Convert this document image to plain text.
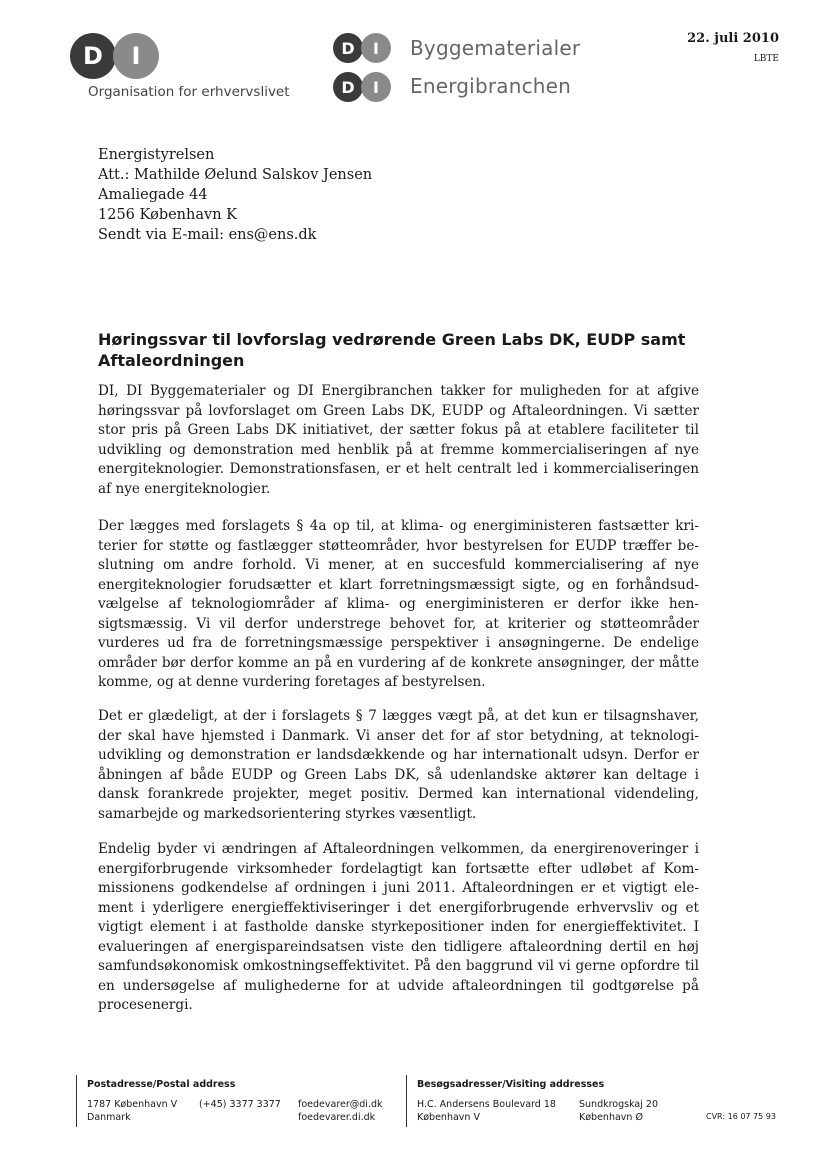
D I
Organisation for erhvervslivet
D I Byggematerialer
D I Energibranchen
22. juli 2010
LBTE
Energistyrelsen
Att.: Mathilde Øelund Salskov Jensen
Amaliegade 44
1256 København K
Sendt via E-mail: ens@ens.dk
Høringssvar til lovforslag vedrørende Green Labs DK, EUDP samt Aftaleordningen
DI, DI Byggematerialer og DI Energibranchen takker for muligheden for at afgive høringssvar på lovforslaget om Green Labs DK, EUDP og Aftaleordningen. Vi sætter stor pris på Green Labs DK initiativet, der sætter fokus på at etablere faciliteter til udvikling og demonstration med henblik på at fremme kommercialiseringen af nye energiteknologier. Demonstrationsfasen, er et helt centralt led i kommercialiseringen af nye energiteknologier.
Der lægges med forslagets § 4a op til, at klima- og energiministeren fastsætter kriterier for støtte og fastlægger støtteområder, hvor bestyrelsen for EUDP træffer beslutning om andre forhold. Vi mener, at en succesfuld kommercialisering af nye energiteknologier forudsætter et klart forretningsmæssigt sigte, og en forhåndsudvælgelse af teknologiområder af klima- og energiministeren er derfor ikke hensigtsmæssig. Vi vil derfor understrege behovet for, at kriterier og støtteområder vurderes ud fra de forretningsmæssige perspektiver i ansøgningerne. De endelige områder bør derfor komme an på en vurdering af de konkrete ansøgninger, der måtte komme, og at denne vurdering foretages af bestyrelsen.
Det er glædeligt, at der i forslagets § 7 lægges vægt på, at det kun er tilsagnshaver, der skal have hjemsted i Danmark. Vi anser det for af stor betydning, at teknologiudvikling og demonstration er landsdækkende og har internationalt udsyn. Derfor er åbningen af både EUDP og Green Labs DK, så udenlandske aktører kan deltage i dansk forankrede projekter, meget positiv. Dermed kan international videndeling, samarbejde og markedsorientering styrkes væsentligt.
Endelig byder vi ændringen af Aftaleordningen velkommen, da energirenoveringer i energiforbrugende virksomheder fordelagtigt kan fortsætte efter udløbet af Kommissionens godkendelse af ordningen i juni 2011. Aftaleordningen er et vigtigt element i yderligere energieffektiviseringer i det energiforbrugende erhvervsliv og et vigtigt element i at fastholde danske styrkepositioner inden for energieffektivitet. I evalueringen af energispareindsatsen viste den tidligere aftaleordning dertil en høj samfundsøkonomisk omkostningseffektivitet. På den baggrund vil vi gerne opfordre til en undersøgelse af mulighederne for at udvide aftaleordningen til godtgørelse på procesenergi.
Postadresse/Postal address
1787 København V
Danmark
(+45) 3377 3377 foedevarer@di.dk
foedevarer.di.dk
Besøgsadresser/Visiting addresses
H.C. Andersens Boulevard 18
København V
Sundkrogskaj 20
København Ø	CVR: 16 07 75 93
